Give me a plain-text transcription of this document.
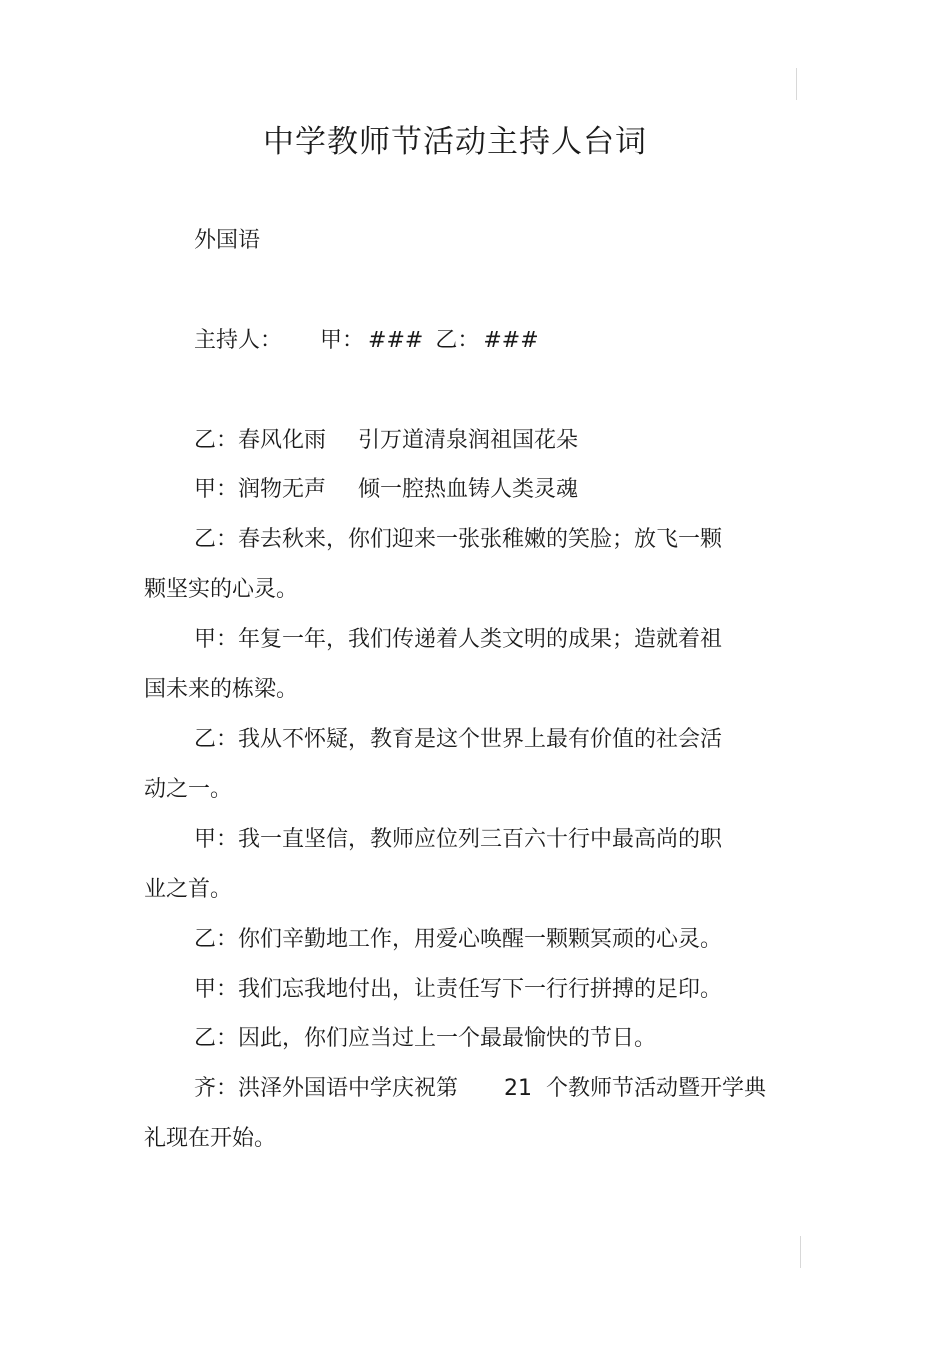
中学教师节活动主持人台词
外国语
主持人： 甲： ### 乙： ###
乙：春风化雨 引万道清泉润祖国花朵
甲：润物无声 倾一腔热血铸人类灵魂
乙：春去秋来，你们迎来一张张稚嫩的笑脸；放飞一颗
颗坚实的心灵。
甲：年复一年，我们传递着人类文明的成果；造就着祖
国未来的栋梁。
乙：我从不怀疑，教育是这个世界上最有价值的社会活
动之一。
甲：我一直坚信，教师应位列三百六十行中最高尚的职
业之首。
乙：你们辛勤地工作，用爱心唤醒一颗颗冥顽的心灵。
甲：我们忘我地付出，让责任写下一行行拼搏的足印。
乙：因此，你们应当过上一个最最愉快的节日。
齐：洪泽外国语中学庆祝第 21 个教师节活动暨开学典
礼现在开始。
